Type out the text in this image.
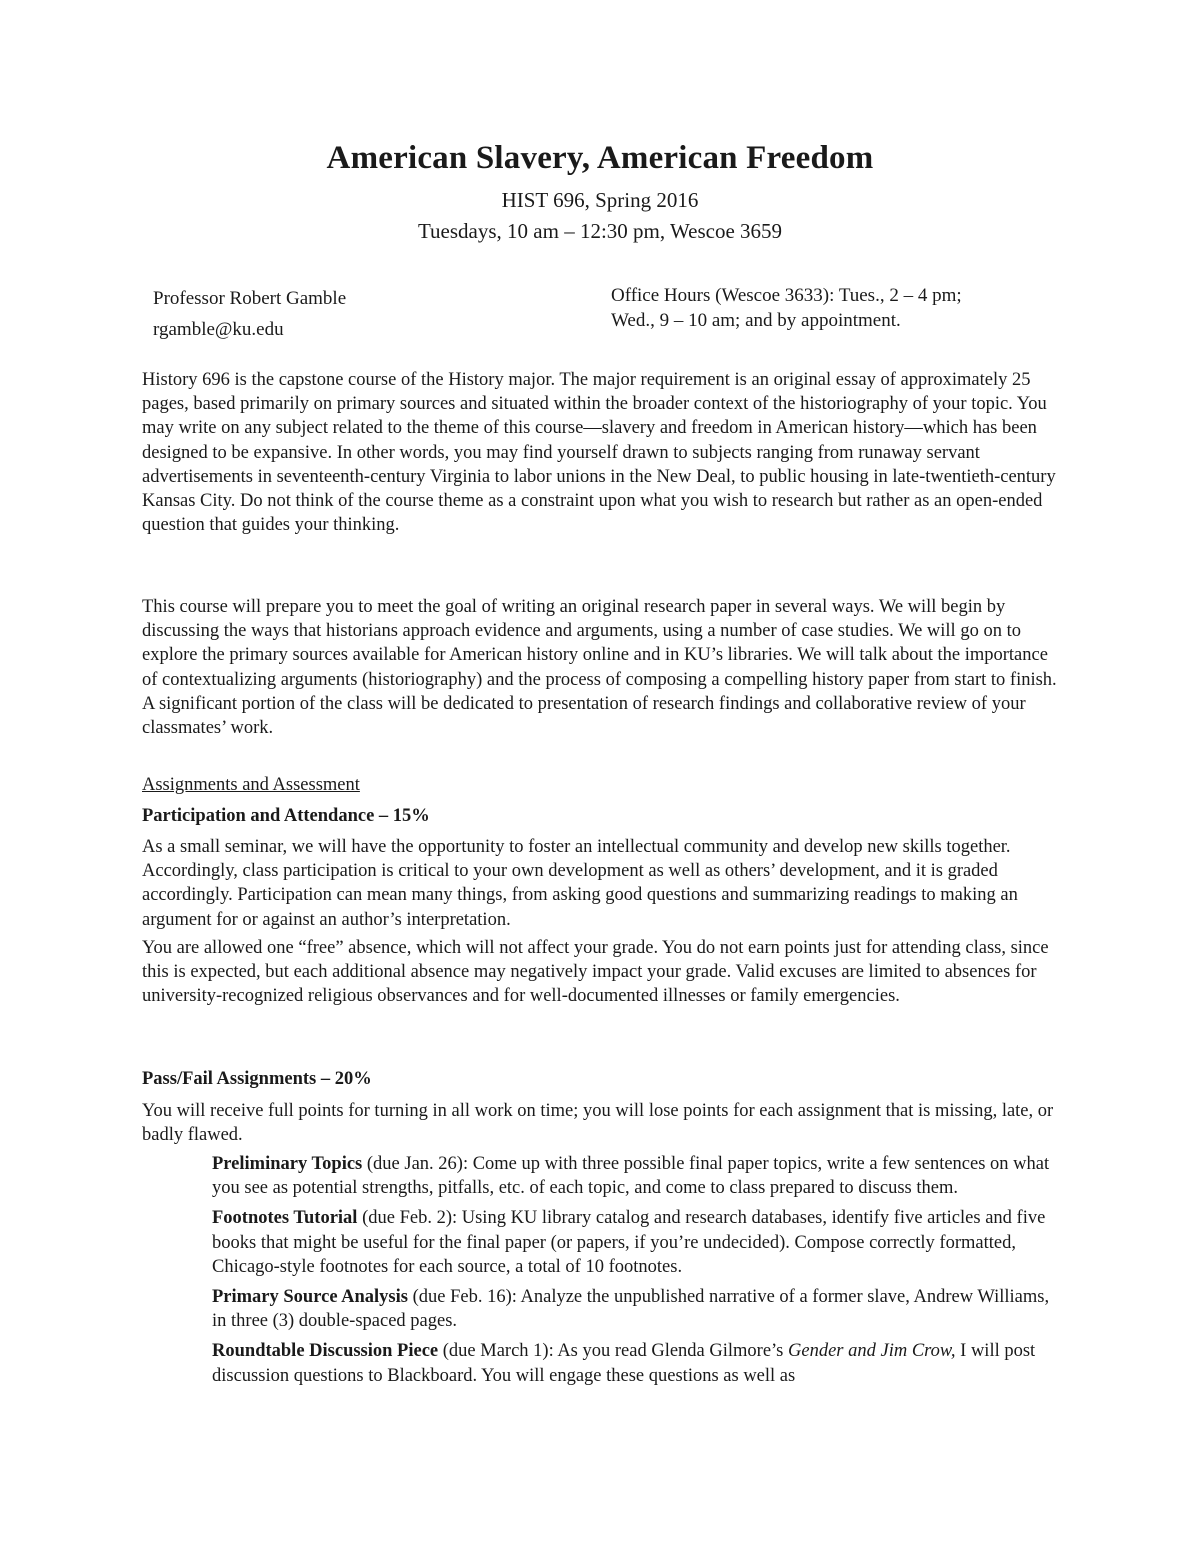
American Slavery, American Freedom
HIST 696, Spring 2016
Tuesdays, 10 am – 12:30 pm, Wescoe 3659
Professor Robert Gamble
rgamble@ku.edu
Office Hours (Wescoe 3633): Tues., 2 – 4 pm;
Wed., 9 – 10 am; and by appointment.
History 696 is the capstone course of the History major. The major requirement is an original essay of approximately 25 pages, based primarily on primary sources and situated within the broader context of the historiography of your topic. You may write on any subject related to the theme of this course—slavery and freedom in American history—which has been designed to be expansive. In other words, you may find yourself drawn to subjects ranging from runaway servant advertisements in seventeenth-century Virginia to labor unions in the New Deal, to public housing in late-twentieth-century Kansas City. Do not think of the course theme as a constraint upon what you wish to research but rather as an open-ended question that guides your thinking.
This course will prepare you to meet the goal of writing an original research paper in several ways. We will begin by discussing the ways that historians approach evidence and arguments, using a number of case studies. We will go on to explore the primary sources available for American history online and in KU’s libraries. We will talk about the importance of contextualizing arguments (historiography) and the process of composing a compelling history paper from start to finish. A significant portion of the class will be dedicated to presentation of research findings and collaborative review of your classmates’ work.
Assignments and Assessment
Participation and Attendance – 15%
As a small seminar, we will have the opportunity to foster an intellectual community and develop new skills together. Accordingly, class participation is critical to your own development as well as others’ development, and it is graded accordingly. Participation can mean many things, from asking good questions and summarizing readings to making an argument for or against an author’s interpretation.
You are allowed one “free” absence, which will not affect your grade. You do not earn points just for attending class, since this is expected, but each additional absence may negatively impact your grade. Valid excuses are limited to absences for university-recognized religious observances and for well-documented illnesses or family emergencies.
Pass/Fail Assignments – 20%
You will receive full points for turning in all work on time; you will lose points for each assignment that is missing, late, or badly flawed.
Preliminary Topics (due Jan. 26): Come up with three possible final paper topics, write a few sentences on what you see as potential strengths, pitfalls, etc. of each topic, and come to class prepared to discuss them.
Footnotes Tutorial (due Feb. 2): Using KU library catalog and research databases, identify five articles and five books that might be useful for the final paper (or papers, if you’re undecided). Compose correctly formatted, Chicago-style footnotes for each source, a total of 10 footnotes.
Primary Source Analysis (due Feb. 16): Analyze the unpublished narrative of a former slave, Andrew Williams, in three (3) double-spaced pages.
Roundtable Discussion Piece (due March 1): As you read Glenda Gilmore’s Gender and Jim Crow, I will post discussion questions to Blackboard. You will engage these questions as well as
